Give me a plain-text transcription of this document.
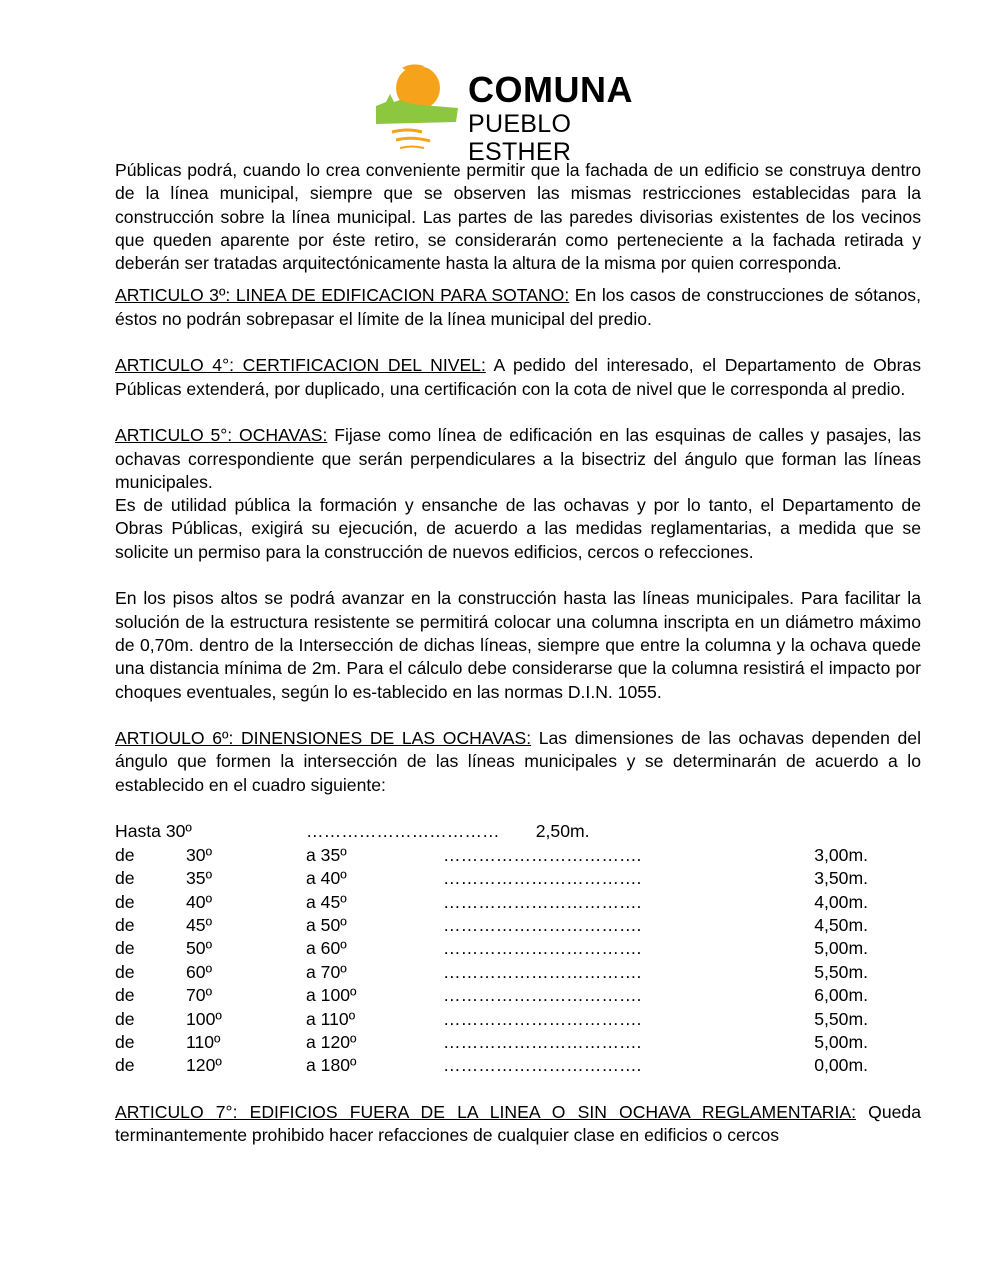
COMUNA
PUEBLO ESTHER

Públicas podrá, cuando lo crea conveniente permitir que la fachada de un edificio se construya dentro de la línea municipal, siempre que se observen las mismas restricciones establecidas para la construcción sobre la línea municipal. Las partes de las paredes divisorias existentes de los vecinos que queden aparente por éste retiro, se considerarán como perteneciente a la fachada retirada y deberán ser tratadas arquitectónicamente hasta la altura de la misma por quien corresponda.

ARTICULO 3º: LINEA DE EDIFICACION PARA SOTANO: En los casos de construcciones de sótanos, éstos no podrán sobrepasar el límite de la línea municipal del predio.

ARTICULO 4°: CERTIFICACION DEL NIVEL: A pedido del interesado, el Departamento de Obras Públicas extenderá, por duplicado, una certificación con la cota de nivel que le corresponda al predio.

ARTICULO 5°: OCHAVAS: Fijase como línea de edificación en las esquinas de calles y pasajes, las ochavas correspondiente que serán perpendiculares a la bisectriz del ángulo que forman las líneas municipales.

Es de utilidad pública la formación y ensanche de las ochavas y por lo tanto, el Departamento de Obras Públicas, exigirá su ejecución, de acuerdo a las medidas reglamentarias, a medida que se solicite un permiso para la construcción de nuevos edificios, cercos o refecciones.

En los pisos altos se podrá avanzar en la construcción hasta las líneas municipales. Para facilitar la solución de la estructura resistente se permitirá colocar una columna inscripta en un diámetro máximo de 0,70m. dentro de la Intersección de dichas líneas, siempre que entre la columna y la ochava quede una distancia mínima de 2m. Para el cálculo debe considerarse que la columna resistirá el impacto por choques eventuales, según lo es-tablecido en las normas D.I.N. 1055.

ARTIOULO 6º: DINENSIONES DE LAS OCHAVAS: Las dimensiones de las ochavas dependen del ángulo que formen la intersección de las líneas municipales y se determinarán de acuerdo a lo establecido en el cuadro siguiente:

Hasta 30º	……………………………	2,50m.
de	30º	a 35º	…………………………….	3,00m.
de	35º	a 40º	…………………………….	3,50m.
de	40º	a 45º	…………………………….	4,00m.
de	45º	a 50º	…………………………….	4,50m.
de	50º	a 60º	…………………………….	5,00m.
de	60º	a 70º	…………………………….	5,50m.
de	70º	a 100º	…………………………….	6,00m.
de	100º	a 110º	…………………………….	5,50m.
de	110º	a 120º	…………………………….	5,00m.
de	120º	a 180º	…………………………….	0,00m.

ARTICULO 7°: EDIFICIOS FUERA DE LA LINEA O SIN OCHAVA REGLAMENTARIA: Queda terminantemente prohibido hacer refacciones de cualquier clase en edificios o cercos
